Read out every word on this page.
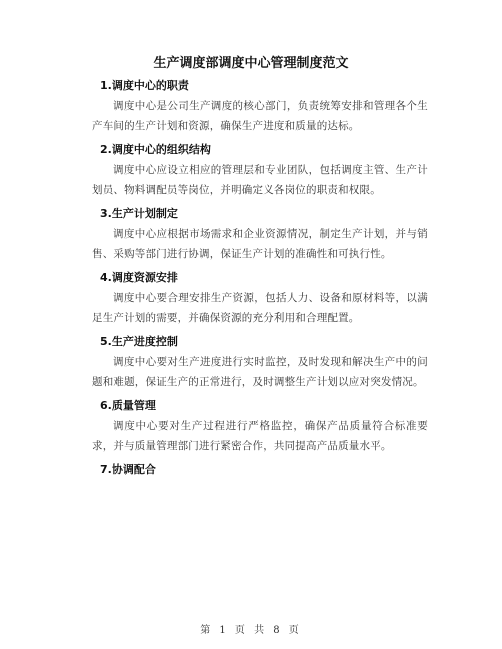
生产调度部调度中心管理制度范文
1.调度中心的职责

调度中心是公司生产调度的核心部门，负责统筹安排和管理各个生产车间的生产计划和资源，确保生产进度和质量的达标。

2.调度中心的组织结构

调度中心应设立相应的管理层和专业团队，包括调度主管、生产计划员、物料调配员等岗位，并明确定义各岗位的职责和权限。

3.生产计划制定

调度中心应根据市场需求和企业资源情况，制定生产计划，并与销售、采购等部门进行协调，保证生产计划的准确性和可执行性。

4.调度资源安排

调度中心要合理安排生产资源，包括人力、设备和原材料等，以满足生产计划的需要，并确保资源的充分利用和合理配置。

5.生产进度控制

调度中心要对生产进度进行实时监控，及时发现和解决生产中的问题和难题，保证生产的正常进行，及时调整生产计划以应对突发情况。

6.质量管理

调度中心要对生产过程进行严格监控，确保产品质量符合标准要求，并与质量管理部门进行紧密合作，共同提高产品质量水平。

7.协调配合
第 1 页 共 8 页
